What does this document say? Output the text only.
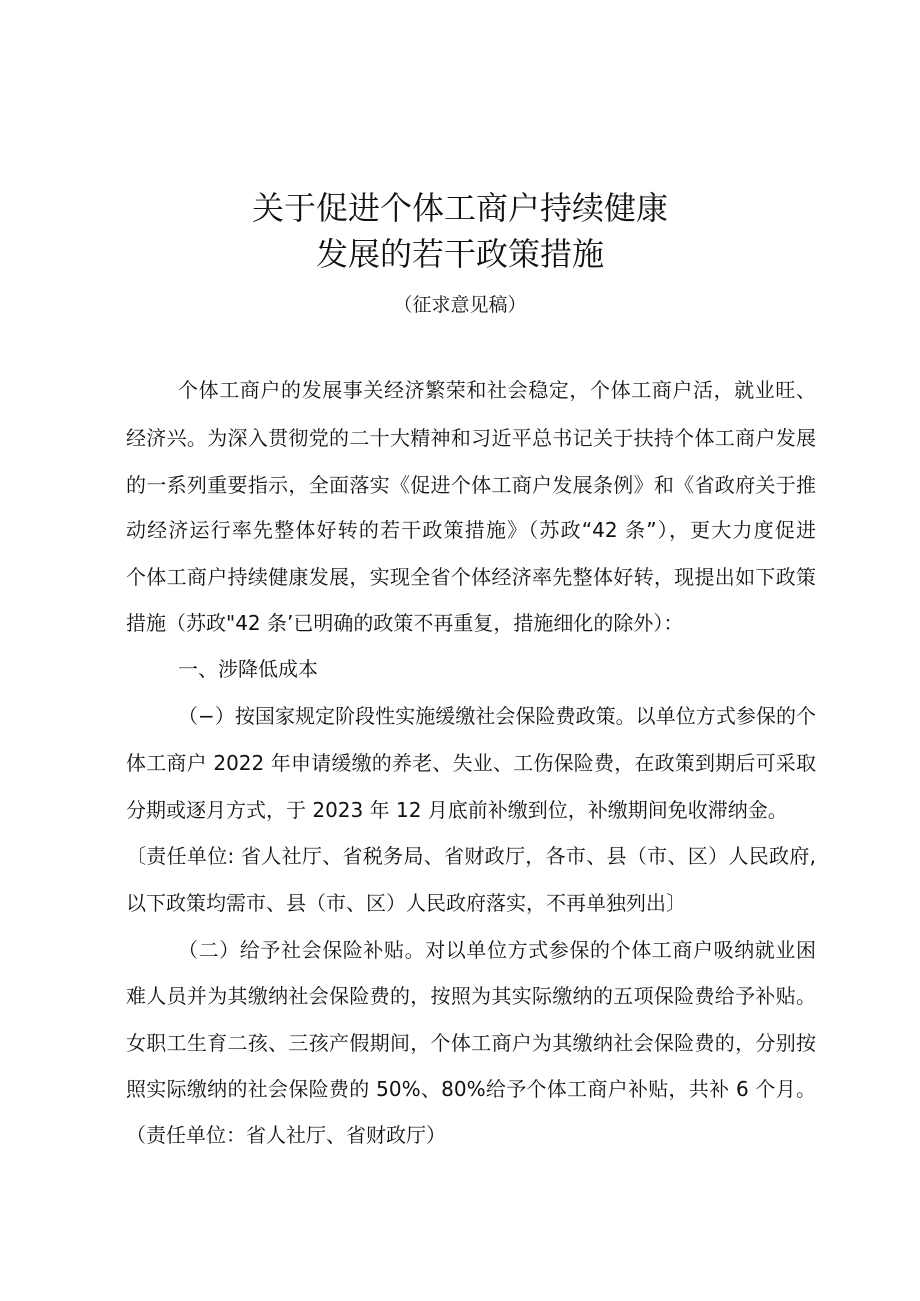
关于促进个体工商户持续健康
发展的若干政策措施
（征求意见稿）
个体工商户的发展事关经济繁荣和社会稳定，个体工商户活，就业旺、
经济兴。为深入贯彻党的二十大精神和习近平总书记关于扶持个体工商户发展
的一系列重要指示，全面落实《促进个体工商户发展条例》和《省政府关于推
动经济运行率先整体好转的若干政策措施》（苏政“42 条”），更大力度促进
个体工商户持续健康发展，实现全省个体经济率先整体好转，现提出如下政策
措施（苏政"42 条’已明确的政策不再重复，措施细化的除外）：
一、涉降低成本
（−）按国家规定阶段性实施缓缴社会保险费政策。以单位方式参保的个
体工商户 2022 年申请缓缴的养老、失业、工伤保险费，在政策到期后可采取
分期或逐月方式，于 2023 年 12 月底前补缴到位，补缴期间免收滞纳金。
〔责任单位: 省人社厅、省税务局、省财政厅，各市、县（市、区）人民政府,
以下政策均需市、县（市、区）人民政府落实，不再单独列出〕
（二）给予社会保险补贴。对以单位方式参保的个体工商户吸纳就业困
难人员并为其缴纳社会保险费的，按照为其实际缴纳的五项保险费给予补贴。
女职工生育二孩、三孩产假期间，个体工商户为其缴纳社会保险费的，分别按
照实际缴纳的社会保险费的 50%、80%给予个体工商户补贴，共补 6 个月。
（责任单位：省人社厅、省财政厅）
